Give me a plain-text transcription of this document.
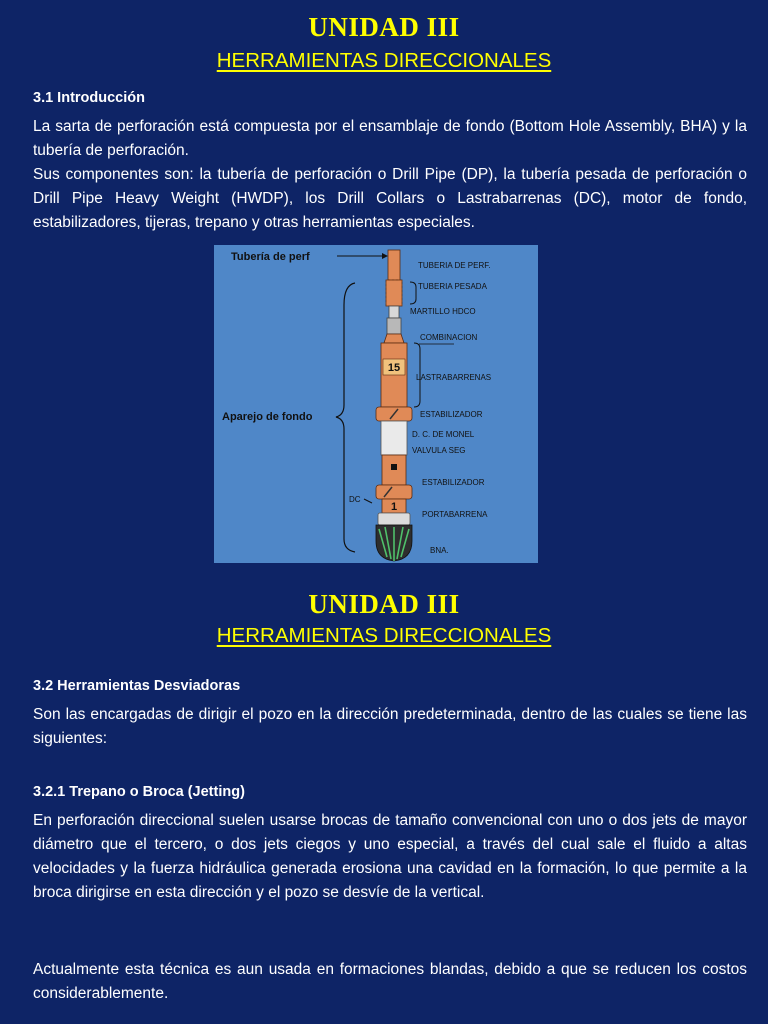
UNIDAD III
HERRAMIENTAS DIRECCIONALES
3.1 Introducción
La sarta de perforación está compuesta por el ensamblaje de fondo (Bottom Hole Assembly, BHA) y la tubería de perforación.
Sus componentes son: la tubería de perforación o Drill Pipe (DP), la tubería pesada de perforación o Drill Pipe Heavy Weight (HWDP), los Drill Collars o Lastrabarrenas (DC), motor de fondo, estabilizadores, tijeras, trepano y otras herramientas especiales.
Tubería de perf
Aparejo de fondo
DC
15
1
TUBERIA DE PERF.
TUBERIA PESADA
MARTILLO HDCO
COMBINACION
LASTRABARRENAS
ESTABILIZADOR
D. C. DE MONEL
VALVULA SEG
ESTABILIZADOR
PORTABARRENA
BNA.
UNIDAD III
HERRAMIENTAS DIRECCIONALES
3.2 Herramientas Desviadoras
Son las encargadas de dirigir el pozo en la dirección predeterminada, dentro de las cuales se tiene las siguientes:
3.2.1 Trepano o Broca (Jetting)
En perforación direccional suelen usarse brocas de tamaño convencional con uno o dos jets de mayor diámetro que el tercero, o dos jets ciegos y uno especial, a través del cual sale el fluido a altas velocidades y la fuerza hidráulica generada erosiona una cavidad en la formación, lo que permite a la broca dirigirse en esta dirección y el pozo se desvíe de la vertical.
Actualmente esta técnica es aun usada en formaciones blandas, debido a que se reducen los costos considerablemente.
